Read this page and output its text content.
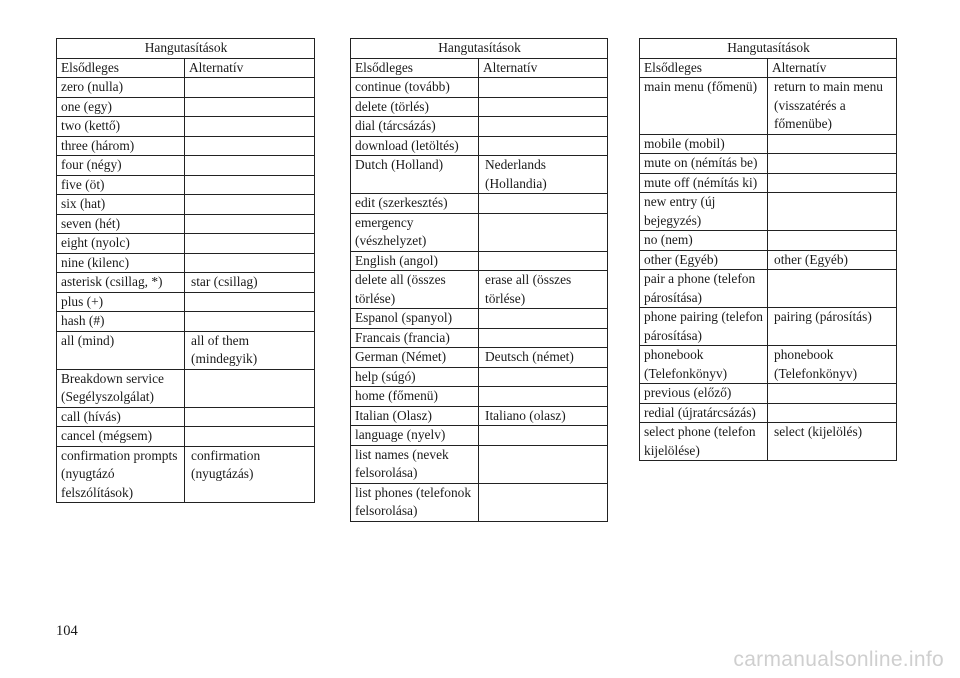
Hangutasítások	
Elsődleges	Alternatív
zero (nulla)	
one (egy)	
two (kettő)	
three (három)	
four (négy)	
five (öt)	
six (hat)	
seven (hét)	
eight (nyolc)	
nine (kilenc)	
asterisk (csillag, *)	star (csillag)
plus (+)	
hash (#)	
all (mind)	all of them (mindegyik)
Breakdown service (Segélyszolgálat)	
call (hívás)	
cancel (mégsem)	
confirmation prompts (nyugtázó felszólítások)	confirmation (nyugtázás)
Hangutasítások	
Elsődleges	Alternatív
continue (tovább)	
delete (törlés)	
dial (tárcsázás)	
download (letöltés)	
Dutch (Holland)	Nederlands (Hollandia)
edit (szerkesztés)	
emergency (vészhelyzet)	
English (angol)	
delete all (összes törlése)	erase all (összes törlése)
Espanol (spanyol)	
Francais (francia)	
German (Német)	Deutsch (német)
help (súgó)	
home (főmenü)	
Italian (Olasz)	Italiano (olasz)
language (nyelv)	
list names (nevek felsorolása)	
list phones (telefonok felsorolása)	
Hangutasítások	
Elsődleges	Alternatív
main menu (főmenü)	return to main menu (visszatérés a főmenübe)
mobile (mobil)	
mute on (némítás be)	
mute off (némítás ki)	
new entry (új bejegyzés)	
no (nem)	
other (Egyéb)	other (Egyéb)
pair a phone (telefon párosítása)	
phone pairing (telefon párosítása)	pairing (párosítás)
phonebook (Telefonkönyv)	phonebook (Telefonkönyv)
previous (előző)	
redial (újratárcsázás)	
select phone (telefon kijelölése)	select (kijelölés)
104
carmanualsonline.info
